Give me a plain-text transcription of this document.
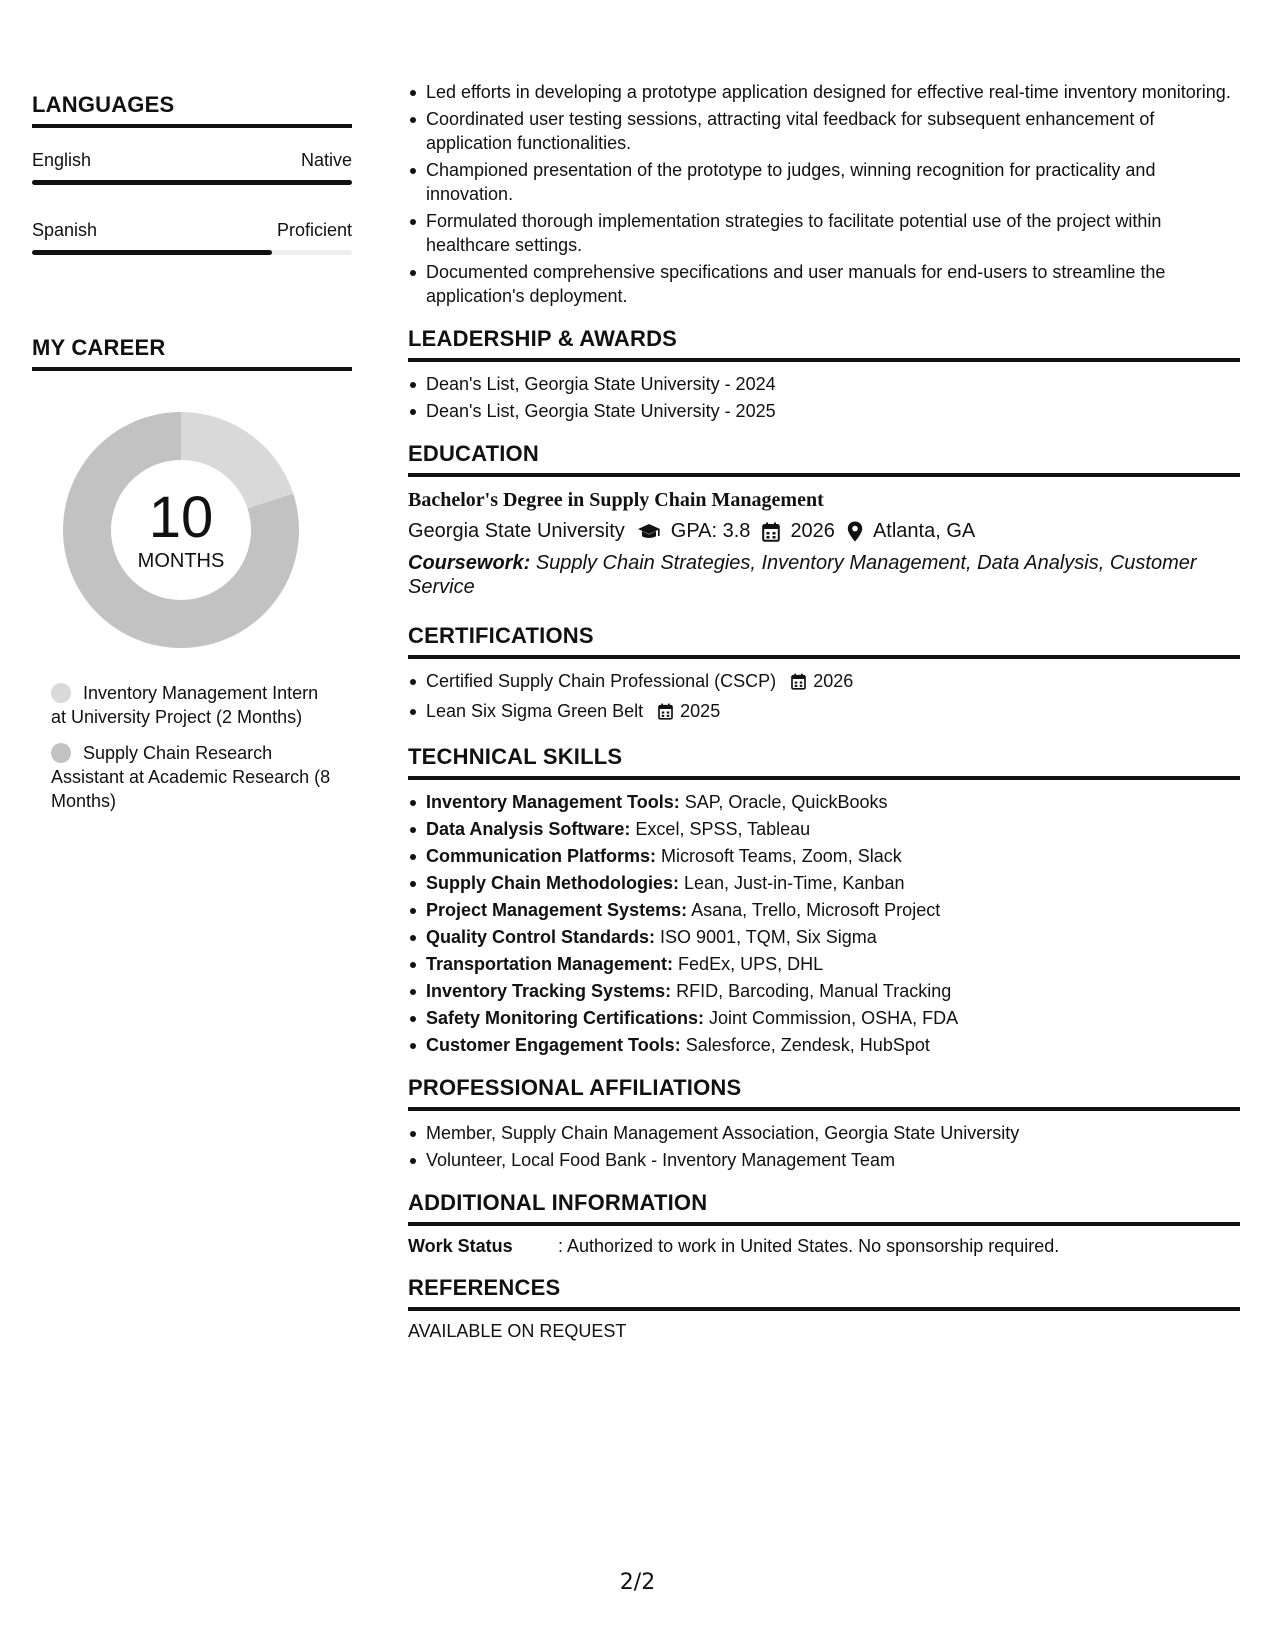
LANGUAGES
English	Native
Spanish	Proficient
MY CAREER
10
MONTHS
Inventory Management Intern at University Project (2 Months)
Supply Chain Research Assistant at Academic Research (8 Months)
Led efforts in developing a prototype application designed for effective real-time inventory monitoring.
Coordinated user testing sessions, attracting vital feedback for subsequent enhancement of application functionalities.
Championed presentation of the prototype to judges, winning recognition for practicality and innovation.
Formulated thorough implementation strategies to facilitate potential use of the project within healthcare settings.
Documented comprehensive specifications and user manuals for end-users to streamline the application's deployment.
LEADERSHIP & AWARDS
Dean's List, Georgia State University - 2024
Dean's List, Georgia State University - 2025
EDUCATION
Bachelor's Degree in Supply Chain Management
Georgia State University GPA: 3.8 2026 Atlanta, GA
Coursework: Supply Chain Strategies, Inventory Management, Data Analysis, Customer Service
CERTIFICATIONS
Certified Supply Chain Professional (CSCP) 2026
Lean Six Sigma Green Belt 2025
TECHNICAL SKILLS
Inventory Management Tools: SAP, Oracle, QuickBooks
Data Analysis Software: Excel, SPSS, Tableau
Communication Platforms: Microsoft Teams, Zoom, Slack
Supply Chain Methodologies: Lean, Just-in-Time, Kanban
Project Management Systems: Asana, Trello, Microsoft Project
Quality Control Standards: ISO 9001, TQM, Six Sigma
Transportation Management: FedEx, UPS, DHL
Inventory Tracking Systems: RFID, Barcoding, Manual Tracking
Safety Monitoring Certifications: Joint Commission, OSHA, FDA
Customer Engagement Tools: Salesforce, Zendesk, HubSpot
PROFESSIONAL AFFILIATIONS
Member, Supply Chain Management Association, Georgia State University
Volunteer, Local Food Bank - Inventory Management Team
ADDITIONAL INFORMATION
Work Status	: Authorized to work in United States. No sponsorship required.
REFERENCES
AVAILABLE ON REQUEST
2/2
